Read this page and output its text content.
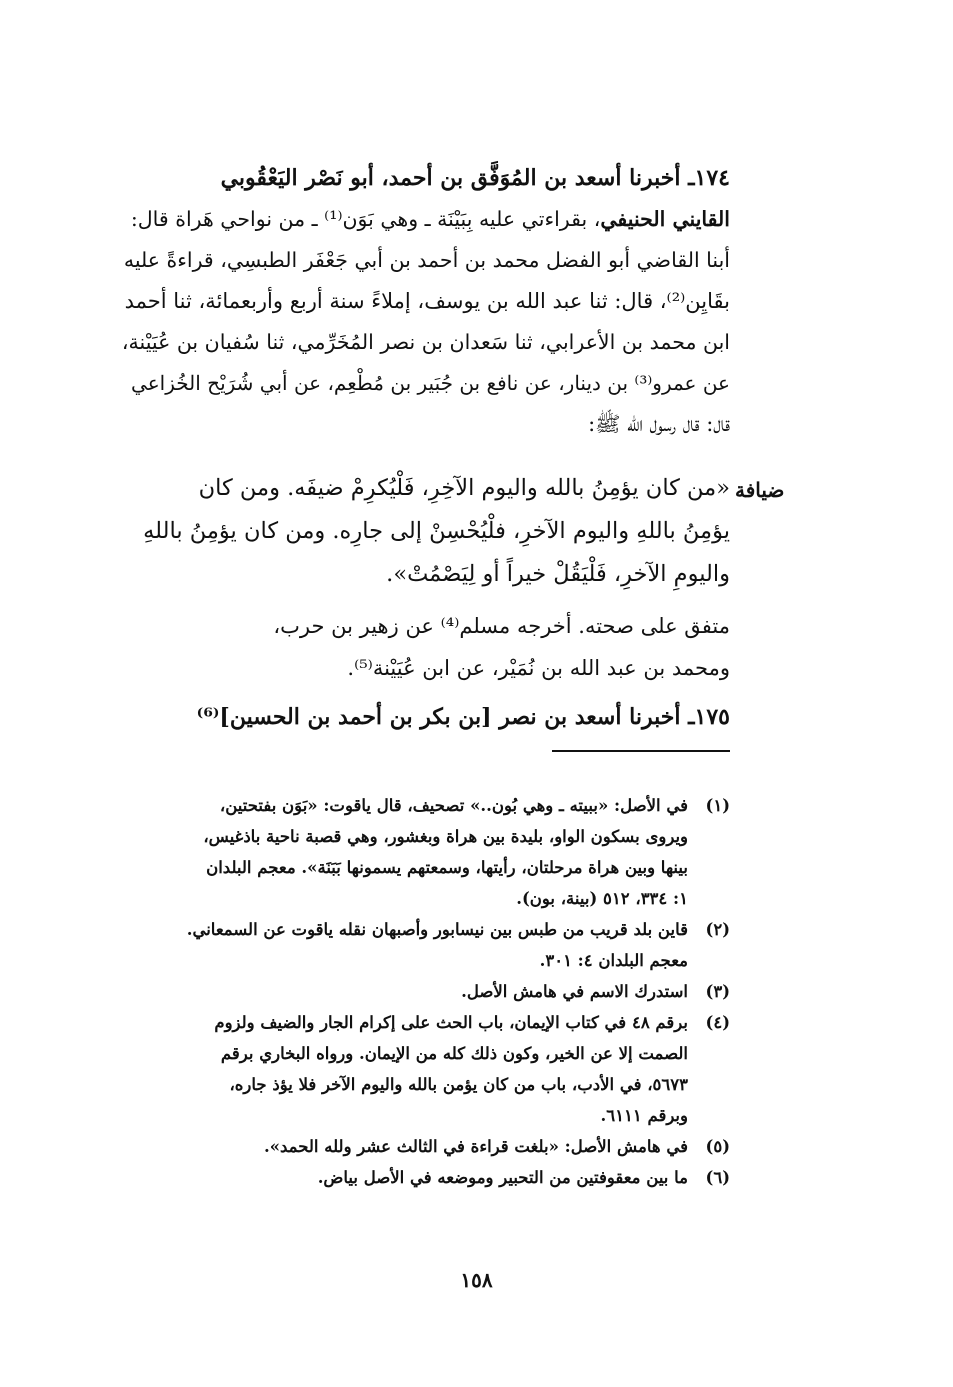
١٧٤ـ أخبرنا أسعد بن المُوَفَّق بن أحمد، أبو نَصْر اليَعْقُوبي
القايني الحنيفي، بقراءتي عليه بِبَيْنَة ـ وهي بَوَن⁽¹⁾ ـ من نواحي هَراة قال:
أبنا القاضي أبو الفضل محمد بن أحمد بن أبي جَعْفَر الطبسِي، قراءةً عليه
بقَايِن⁽²⁾، قال: ثنا عبد الله بن يوسف، إملاءً سنة أربع وأربعمائة، ثنا أحمد
ابن محمد بن الأعرابي، ثنا سَعدان بن نصر المُخَرِّمي، ثنا سُفيان بن عُيَيْنة،
عن عمرو⁽³⁾ بن دينار، عن نافع بن جُبَير بن مُطْعِم، عن أبي شُرَيْح الخُزاعي
قال: قال رسول الله ﷺ:
ضيافة
«من كان يؤمِنُ بالله واليوم الآخِرِ، فَلْيُكرِمْ ضيفَه. ومن كان
يؤمِنُ باللهِ واليوم الآخرِ، فلْيُحْسِنْ إلى جارِه. ومن كان يؤمِنُ باللهِ
واليومِ الآخرِ، فَلْيَقُلْ خيراً أو لِيَصْمُتْ».
متفق على صحته. أخرجه مسلم⁽⁴⁾ عن زهير بن حرب،
ومحمد بن عبد الله بن نُمَيْر، عن ابن عُيَيْنة⁽⁵⁾.
١٧٥ـ أخبرنا أسعد بن نصر [بن بكر بن أحمد بن الحسين]⁽⁶⁾
(١)
في الأصل: «ببيته ـ وهي بُون..» تصحيف، قال ياقوت: «بَوَن بفتحتين،
ويروى بسكون الواو، بليدة بين هراة وبغشور، وهي قصبة ناحية باذغيس،
بينها وبين هراة مرحلتان، رأيتها، وسمعتهم يسمونها بَبَنَة». معجم البلدان
١: ٣٣٤، ٥١٢ (بينة، بون).
(٢)
قاين بلد قريب من طبس بين نيسابور وأصبهان نقله ياقوت عن السمعاني.
معجم البلدان ٤: ٣٠١.
(٣)
استدرك الاسم في هامش الأصل.
(٤)
برقم ٤٨ في كتاب الإيمان، باب الحث على إكرام الجار والضيف ولزوم
الصمت إلا عن الخير، وكون ذلك كله من الإيمان. ورواه البخاري برقم
٥٦٧٣، في الأدب، باب من كان يؤمن بالله واليوم الآخر فلا يؤذ جاره،
وبرقم ٦١١١.
(٥)
في هامش الأصل: «بلغت قراءة في الثالث عشر ولله الحمد».
(٦)
ما بين معقوفتين من التحبير وموضعه في الأصل بياض.
١٥٨
